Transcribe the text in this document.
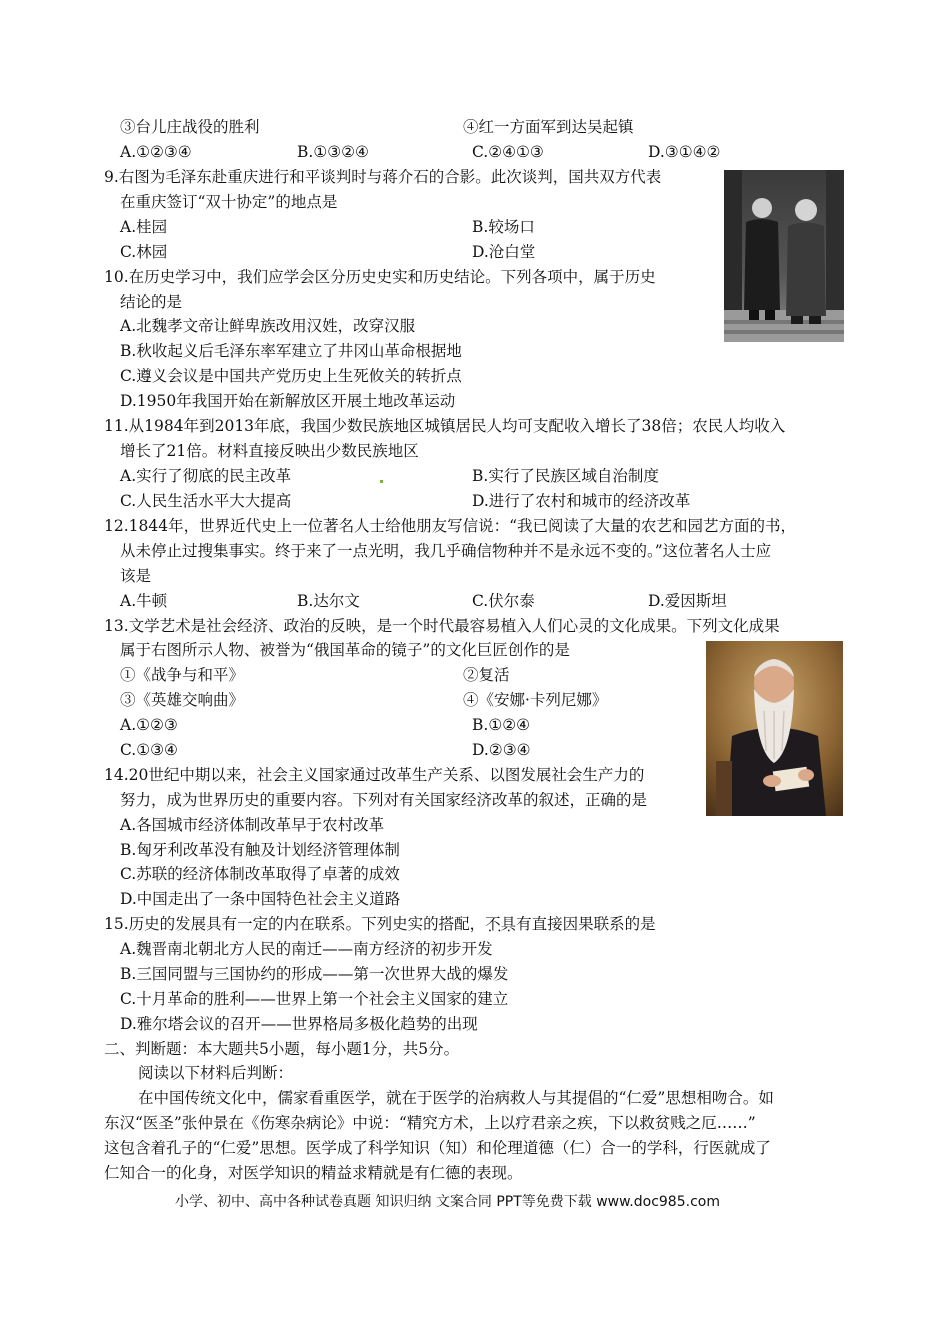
③台儿庄战役的胜利	④红一方面军到达吴起镇
A.①②③④	B.①③②④	C.②④①③	D.③①④②
9.右图为毛泽东赴重庆进行和平谈判时与蒋介石的合影。此次谈判，国共双方代表
在重庆签订“双十协定”的地点是
A.桂园	B.较场口
C.林园	D.沧白堂
10.在历史学习中，我们应学会区分历史史实和历史结论。下列各项中，属于历史
结论的是
A.北魏孝文帝让鲜卑族改用汉姓，改穿汉服
B.秋收起义后毛泽东率军建立了井冈山革命根据地
C.遵义会议是中国共产党历史上生死攸关的转折点
D.1950年我国开始在新解放区开展土地改革运动
11.从1984年到2013年底，我国少数民族地区城镇居民人均可支配收入增长了38倍；农民人均收入
增长了21倍。材料直接反映出少数民族地区
A.实行了彻底的民主改革	B.实行了民族区域自治制度
C.人民生活水平大大提高	D.进行了农村和城市的经济改革
12.1844年，世界近代史上一位著名人士给他朋友写信说：“我已阅读了大量的农艺和园艺方面的书，
从未停止过搜集事实。终于来了一点光明，我几乎确信物种并不是永远不变的。”这位著名人士应
该是
A.牛顿	B.达尔文	C.伏尔泰	D.爱因斯坦
13.文学艺术是社会经济、政治的反映，是一个时代最容易植入人们心灵的文化成果。下列文化成果
属于右图所示人物、被誉为“俄国革命的镜子”的文化巨匠创作的是
①《战争与和平》	②复活
③《英雄交响曲》	④《安娜·卡列尼娜》
A.①②③	B.①②④
C.①③④	D.②③④
14.20世纪中期以来，社会主义国家通过改革生产关系、以图发展社会生产力的
努力，成为世界历史的重要内容。下列对有关国家经济改革的叙述，正确的是
A.各国城市经济体制改革早于农村改革
B.匈牙利改革没有触及计划经济管理体制
C.苏联的经济体制改革取得了卓著的成效
D.中国走出了一条中国特色社会主义道路
15.历史的发展具有一定的内在联系。下列史实的搭配，不具有 • • •直接因果联系的是
A.魏晋南北朝北方人民的南迁——南方经济的初步开发
B.三国同盟与三国协约的形成——第一次世界大战的爆发
C.十月革命的胜利——世界上第一个社会主义国家的建立
D.雅尔塔会议的召开——世界格局多极化趋势的出现
二、判断题：本大题共5小题，每小题1分，共5分。
阅读以下材料后判断：
在中国传统文化中，儒家看重医学，就在于医学的治病救人与其提倡的“仁爱”思想相吻合。如
东汉“医圣”张仲景在《伤寒杂病论》中说：“精究方术，上以疗君亲之疾，下以救贫贱之厄……”
这包含着孔子的“仁爱”思想。医学成了科学知识（知）和伦理道德（仁）合一的学科，行医就成了
仁知合一的化身，对医学知识的精益求精就是有仁德的表现。
小学、初中、高中各种试卷真题 知识归纳 文案合同 PPT等免费下载 www.doc985.com
